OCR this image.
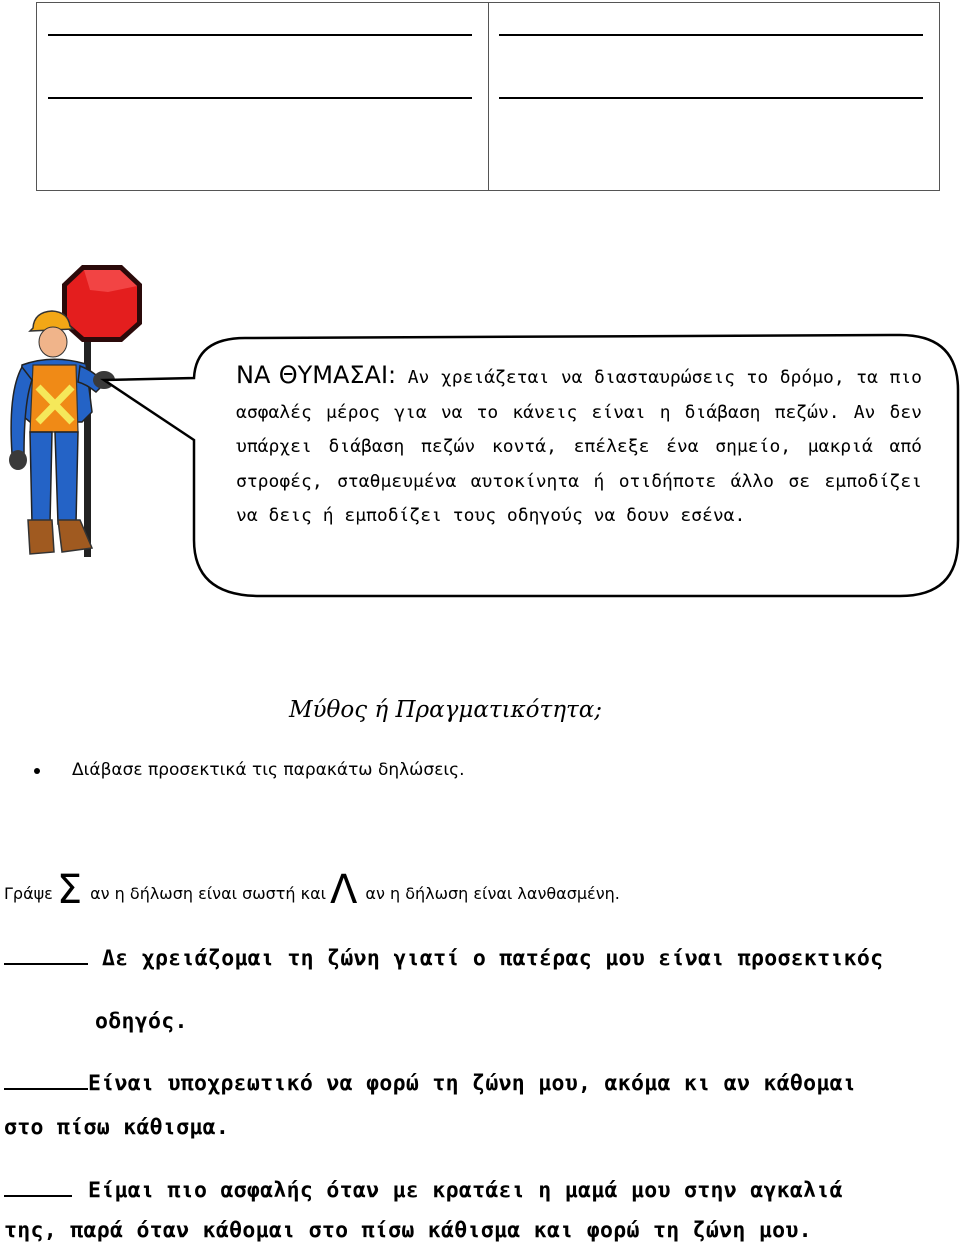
ΝΑ ΘΥΜΑΣΑΙ: Αν χρειάζεται να διασταυρώσεις το δρόμο, τα πιο ασφαλές μέρος για να το κάνεις είναι η διάβαση πεζών. Αν δεν υπάρχει διάβαση πεζών κοντά, επέλεξε ένα σημείο, μακριά από στροφές, σταθμευμένα αυτοκίνητα ή οτιδήποτε άλλο σε εμποδίζει να δεις ή εμποδίζει τους οδηγούς να δουν εσένα.
Μύθος ή Πραγματικότητα;
Διάβασε προσεκτικά τις παρακάτω δηλώσεις.
Γράψε Σ αν η δήλωση είναι σωστή και Λ αν η δήλωση είναι λανθασμένη.
Δε χρειάζομαι τη ζώνη γιατί ο πατέρας μου είναι προσεκτικός
οδηγός.
Είναι υποχρεωτικό να φορώ τη ζώνη μου, ακόμα κι αν κάθομαι
στο πίσω κάθισμα.
Είμαι πιο ασφαλής όταν με κρατάει η μαμά μου στην αγκαλιά
της, παρά όταν κάθομαι στο πίσω κάθισμα και φορώ τη ζώνη μου.
